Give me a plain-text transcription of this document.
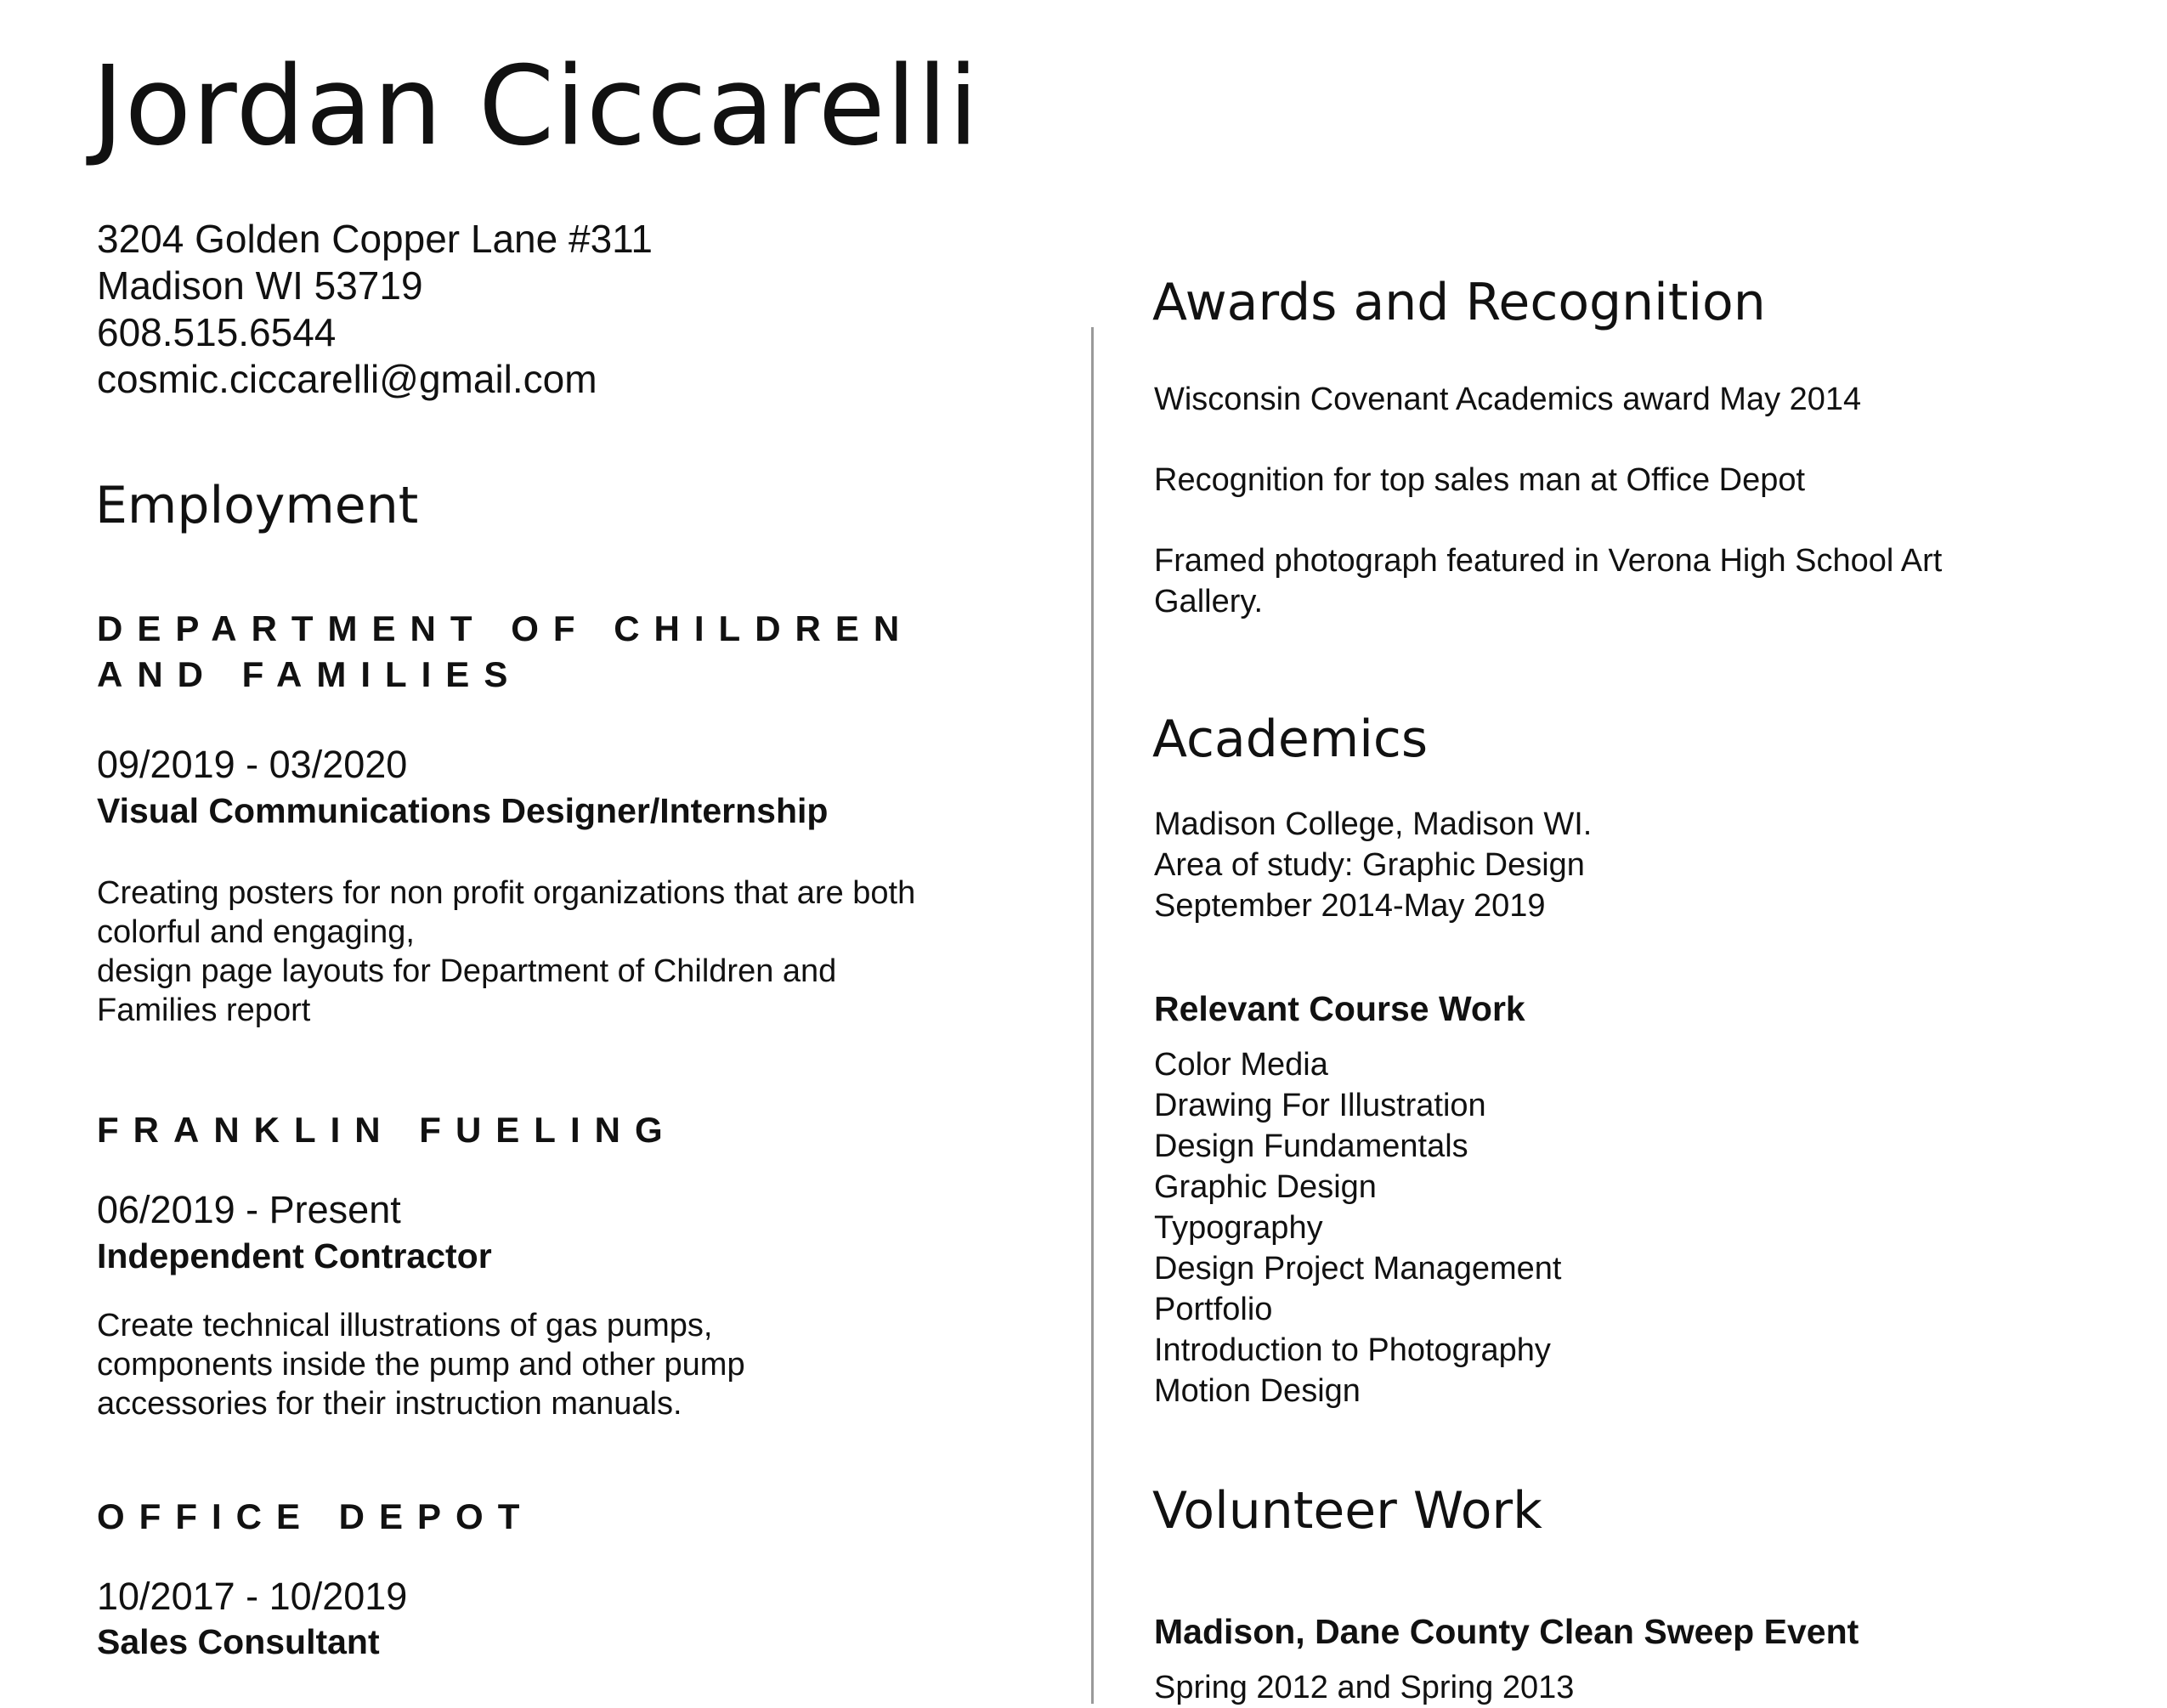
Jordan Ciccarelli
3204 Golden Copper Lane #311
Madison WI 53719
608.515.6544
cosmic.ciccarelli@gmail.com
Employment
DEPARTMENT OF CHILDREN
AND FAMILIES
09/2019 - 03/2020
Visual Communications Designer/Internship
Creating posters for non profit organizations that are both
colorful and engaging,
design page layouts for Department of Children and
Families report
FRANKLIN FUELING
06/2019 - Present
Independent Contractor
Create technical illustrations of gas pumps,
components inside the pump and other pump
accessories for their instruction manuals.
OFFICE DEPOT
10/2017 - 10/2019
Sales Consultant
Awards and Recognition
Wisconsin Covenant Academics award May 2014
Recognition for top sales man at Office Depot
Framed photograph featured in Verona High School Art
Gallery.
Academics
Madison College, Madison WI.
Area of study: Graphic Design
September 2014-May 2019
Relevant Course Work
Color Media
Drawing For Illustration
Design Fundamentals
Graphic Design
Typography
Design Project Management
Portfolio
Introduction to Photography
Motion Design
Volunteer Work
Madison, Dane County Clean Sweep Event
Spring 2012 and Spring 2013
